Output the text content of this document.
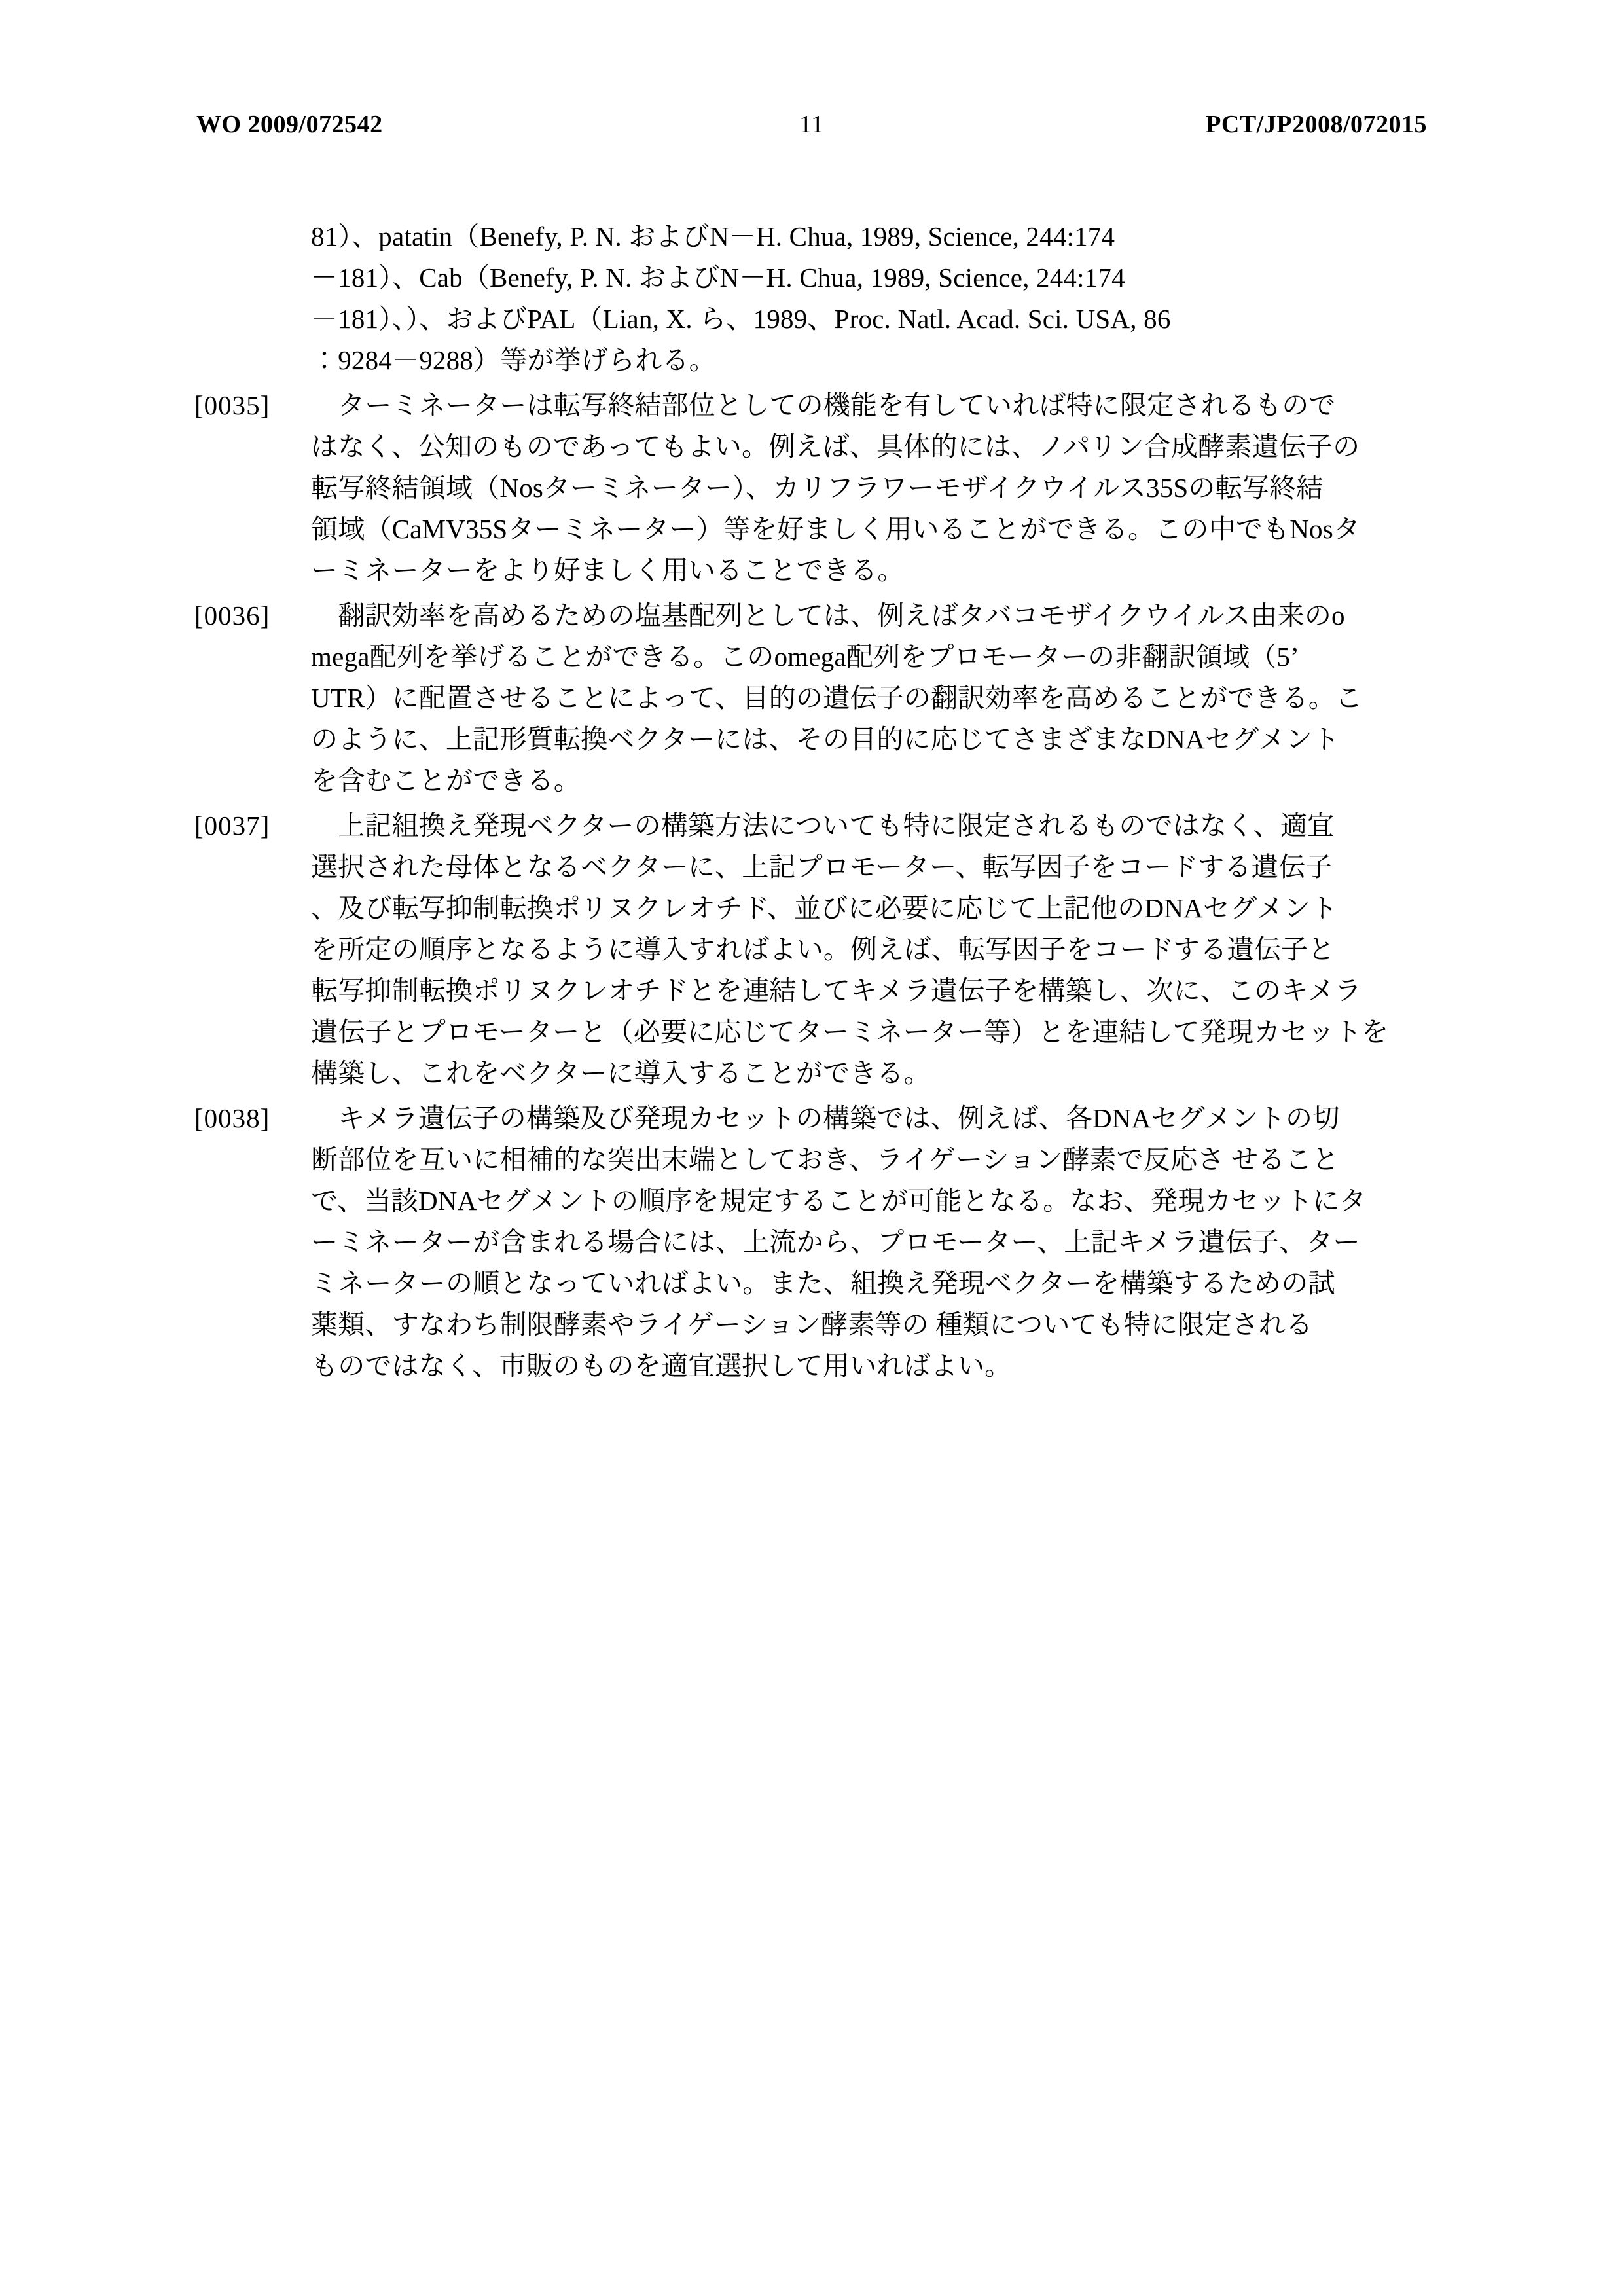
WO 2009/072542	11	PCT/JP2008/072015
81）、patatin（Benefy, P. N. およびN－H. Chua, 1989, Science, 244:174
－181）、Cab（Benefy, P. N. およびN－H. Chua, 1989, Science, 244:174
－181）、）、およびPAL（Lian, X. ら、1989、Proc. Natl. Acad. Sci. USA, 86
：9284－9288）等が挙げられる。
[0035]	　ターミネーターは転写終結部位としての機能を有していれば特に限定されるもので
はなく、公知のものであってもよい。例えば、具体的には、ノパリン合成酵素遺伝子の
転写終結領域（Nosターミネーター）、カリフラワーモザイクウイルス35Sの転写終結
領域（CaMV35Sターミネーター）等を好ましく用いることができる。この中でもNosタ
ーミネーターをより好ましく用いることできる。
[0036]	　翻訳効率を高めるための塩基配列としては、例えばタバコモザイクウイルス由来のo
mega配列を挙げることができる。このomega配列をプロモーターの非翻訳領域（5’
UTR）に配置させることによって、目的の遺伝子の翻訳効率を高めることができる。こ
のように、上記形質転換ベクターには、その目的に応じてさまざまなDNAセグメント
を含むことができる。
[0037]	　上記組換え発現ベクターの構築方法についても特に限定されるものではなく、適宜
選択された母体となるベクターに、上記プロモーター、転写因子をコードする遺伝子
、及び転写抑制転換ポリヌクレオチド、並びに必要に応じて上記他のDNAセグメント
を所定の順序となるように導入すればよい。例えば、転写因子をコードする遺伝子と
転写抑制転換ポリヌクレオチドとを連結してキメラ遺伝子を構築し、次に、このキメラ
遺伝子とプロモーターと（必要に応じてターミネーター等）とを連結して発現カセットを
構築し、これをベクターに導入することができる。
[0038]	　キメラ遺伝子の構築及び発現カセットの構築では、例えば、各DNAセグメントの切
断部位を互いに相補的な突出末端としておき、ライゲーション酵素で反応さ せること
で、当該DNAセグメントの順序を規定することが可能となる。なお、発現カセットにタ
ーミネーターが含まれる場合には、上流から、プロモーター、上記キメラ遺伝子、ター
ミネーターの順となっていればよい。また、組換え発現ベクターを構築するための試
薬類、すなわち制限酵素やライゲーション酵素等の 種類についても特に限定される
ものではなく、市販のものを適宜選択して用いればよい。
